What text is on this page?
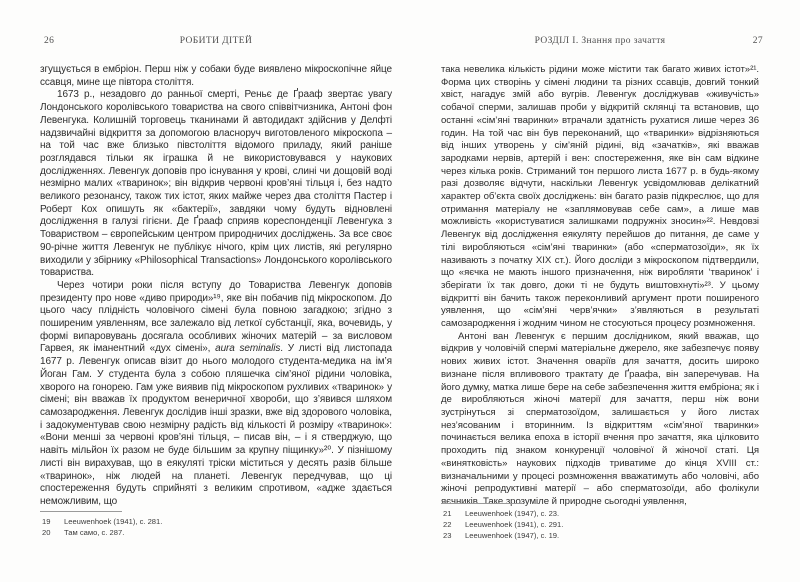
26	РОБИТИ ДІТЕЙ

згущується в ембріон. Перш ніж у собаки буде виявлено мікроскопічне яйце ссавця, мине ще півтора століття.

1673 р., незадовго до ранньої смерті, Реньє де Ґрааф звертає увагу Лондонського королівського товариства на свого співвітчизника, Антоні фон Левенгука. Колишній торговець тканинами й автодидакт здійснив у Делфті надзвичайні відкриття за допомогою власноруч виготовленого мікроскопа – на той час вже близько півстоліття відомого приладу, який раніше розглядався тільки як іграшка й не використовувався у наукових дослідженнях. Левенгук доповів про існування у крові, слині чи дощовій воді незмірно малих «тваринок»; він відкрив червоні кров’яні тільця і, без надто великого резонансу, також тих істот, яких майже через два століття Пастер і Роберт Кох опишуть як «бактерії», завдяки чому будуть відновлені дослідження в галузі гігієни. Де Ґрааф сприяв кореспонденції Левенгука з Товариством – європейським центром природничих досліджень. За все своє 90-річне життя Левенгук не публікує нічого, крім цих листів, які регулярно виходили у збірнику «Philosophical Transactions» Лондонського королівського товариства.

Через чотири роки після вступу до Товариства Левенгук доповів президенту про нове «диво природи»¹⁹, яке він побачив під мікроскопом. До цього часу плідність чоловічого сімені була повною загадкою; згідно з поширеним уявленням, все залежало від леткої субстанції, яка, вочевидь, у формі випаровувань досягала особливих жіночих матерій – за висловом Гарвея, як іманентний «дух сімені», aura seminalis. У листі від листопада 1677 р. Левенгук описав візит до нього молодого студента-медика на ім’я Йоган Гам. У студента була з собою пляшечка сім’яної рідини чоловіка, хворого на гонорею. Гам уже виявив під мікроскопом рухливих «тваринок» у сімені; він вважав їх продуктом венеричної хвороби, що з’явився шляхом самозародження. Левенгук дослідив інші зразки, вже від здорового чоловіка, і задокументував свою незмірну радість від кількості й розміру «тваринок»: «Вони менші за червоні кров’яні тільця, – писав він, – і я стверджую, що навіть мільйон їх разом не буде більшим за крупну піщинку»²⁰. У пізнішому листі він вирахував, що в еякуляті тріски міститься у десять разів більше «тваринок», ніж людей на планеті. Левенгук передчував, що ці спостереження будуть сприйняті з великим спротивом, «адже здається неможливим, що

19	Leeuwenhoek (1941), с. 281.
20	Там само, с. 287.
РОЗДІЛ І. Знання про зачаття	27

така невелика кількість рідини може містити так багато живих істот»²¹. Форма цих створінь у сімені людини та різних ссавців, довгий тонкий хвіст, нагадує змій або вугрів. Левенгук досліджував «живучість» собачої сперми, залишав проби у відкритій склянці та встановив, що останні «сім’яні тваринки» втрачали здатність рухатися лише через 36 годин. На той час він був переконаний, що «тваринки» відрізняються від інших утворень у сім’яній рідині, від «зачатків», які вважав зародками нервів, артерій і вен: спостереження, яке він сам відкине через кілька років. Стриманий тон першого листа 1677 р. в будь-якому разі дозволяє відчути, наскільки Левенгук усвідомлював делікатний характер об’єкта своїх досліджень: він багато разів підкреслює, що для отримання матеріалу не «заплямовував себе сам», а лише мав можливість «користуватися залишками подружніх зносин»²². Невдовзі Левенгук від дослідження еякуляту перейшов до питання, де саме у тілі виробляються «сім’яні тваринки» (або «сперматозоїди», як їх називають з початку XIX ст.). Його досліди з мікроскопом підтвердили, що «яєчка не мають іншого призначення, ніж виробляти ‘тваринок’ і зберігати їх так довго, доки ті не будуть виштовхнуті»²³. У цьому відкритті він бачить також переконливий аргумент проти поширеного уявлення, що «сім’яні черв’ячки» з’являються в результаті самозародження і жодним чином не стосуються процесу розмноження.

Антоні ван Левенгук є першим дослідником, який вважав, що відкрив у чоловічій спермі матеріальне джерело, яке забезпечує появу нових живих істот. Значення оваріїв для зачаття, досить широко визнане після впливового трактату де Ґраафа, він заперечував. На його думку, матка лише бере на себе забезпечення життя ембріона; як і де виробляються жіночі матерії для зачаття, перш ніж вони зустрінуться зі сперматозоїдом, залишається у його листах нез’ясованим і вторинним. Із відкриттям «сім’яної тваринки» починається велика епоха в історії вчення про зачаття, яка цілковито проходить під знаком конкуренції чоловічої й жіночої статі. Ця «винятковість» наукових підходів триватиме до кінця XVIII ст.: визначальними у процесі розмноження вважатимуть або чоловічі, або жіночі репродуктивні матерії – або сперматозоїди, або фолікули яєчників. Таке зрозуміле й природне сьогодні уявлення,

21	Leeuwenhoek (1947), с. 23.
22	Leeuwenhoek (1941), с. 291.
23	Leeuwenhoek (1947), с. 19.
